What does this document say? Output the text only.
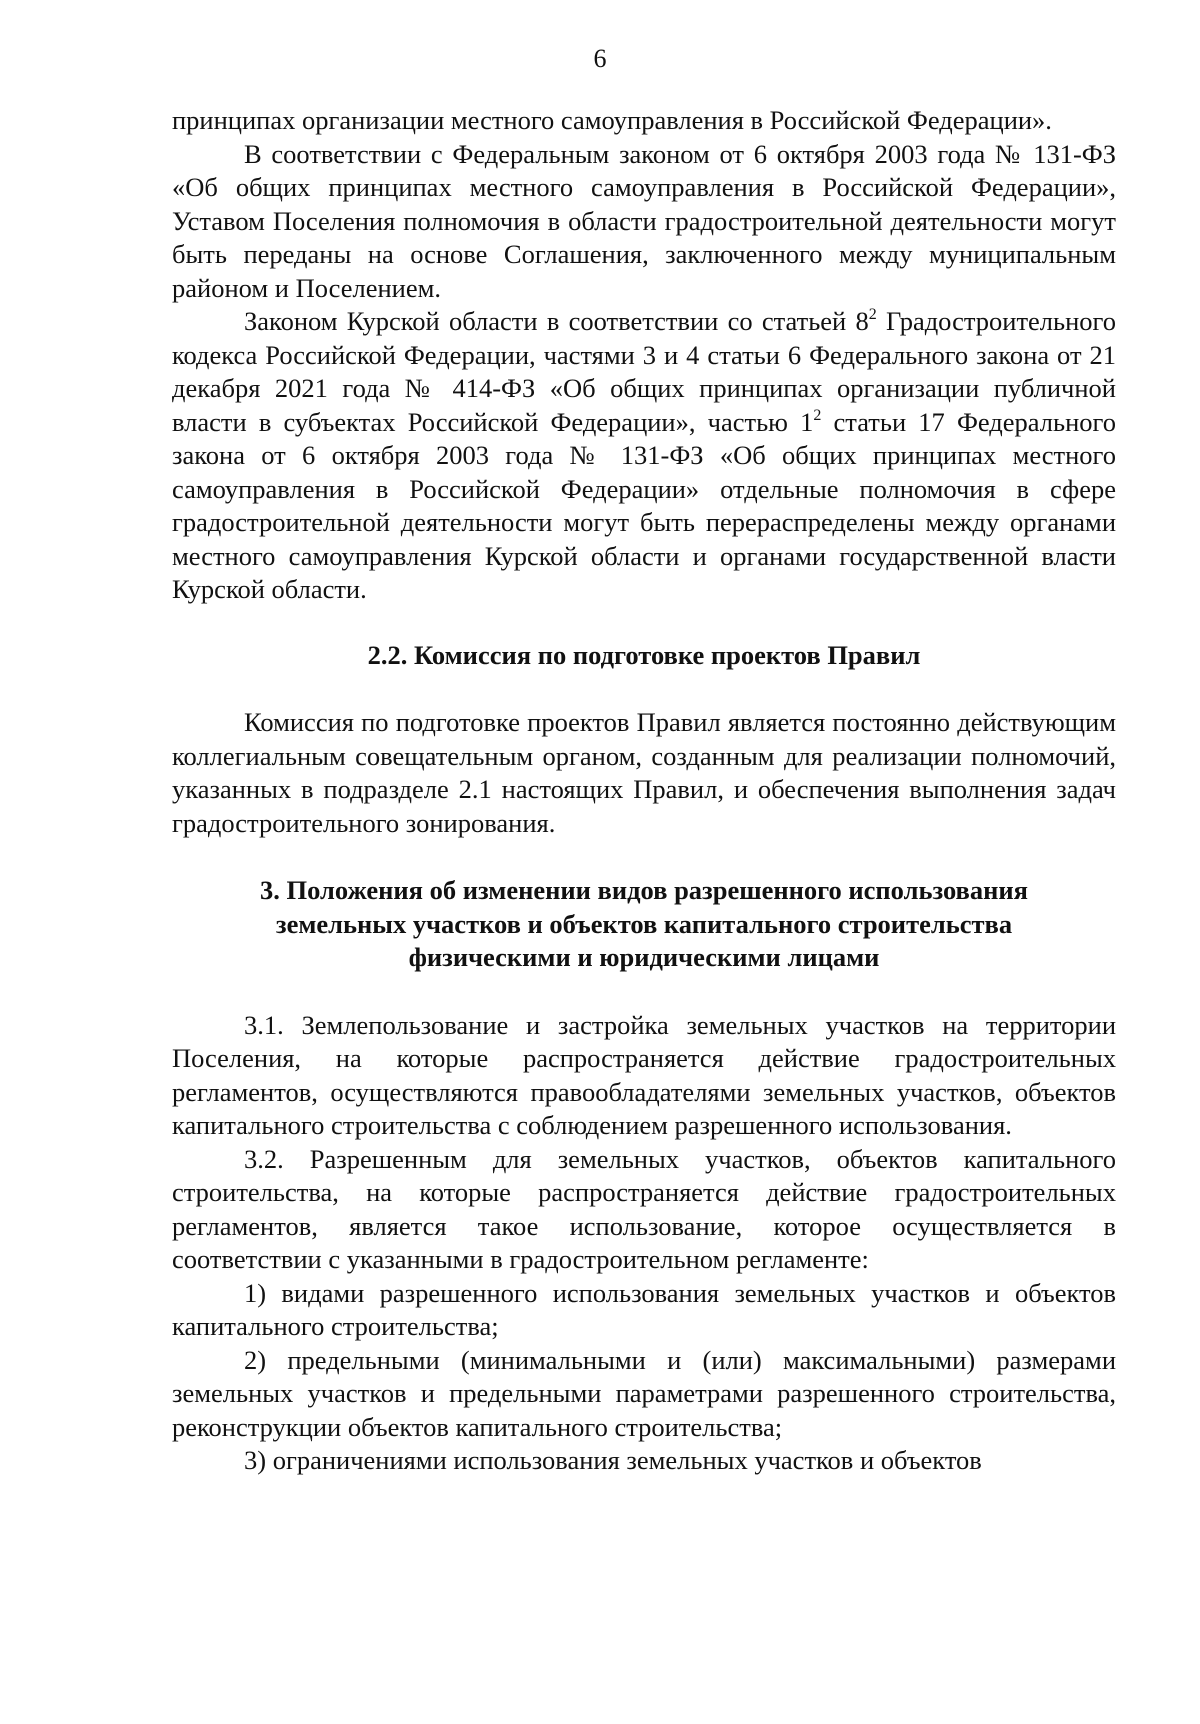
6

принципах организации местного самоуправления в Российской Федерации».

В соответствии с Федеральным законом от 6 октября 2003 года № 131-ФЗ «Об общих принципах местного самоуправления в Российской Федерации», Уставом Поселения полномочия в области градостроительной деятельности могут быть переданы на основе Соглашения, заключенного между муниципальным районом и Поселением.

Законом Курской области в соответствии со статьей $8^2$ Градостроительного кодекса Российской Федерации, частями 3 и 4 статьи 6 Федерального закона от 21 декабря 2021 года № 414-ФЗ «Об общих принципах организации публичной власти в субъектах Российской Федерации», частью $1^2$ статьи 17 Федерального закона от 6 октября 2003 года № 131-ФЗ «Об общих принципах местного самоуправления в Российской Федерации» отдельные полномочия в сфере градостроительной деятельности могут быть перераспределены между органами местного самоуправления Курской области и органами государственной власти Курской области.

2.2. Комиссия по подготовке проектов Правил

Комиссия по подготовке проектов Правил является постоянно действующим коллегиальным совещательным органом, созданным для реализации полномочий, указанных в подразделе 2.1 настоящих Правил, и обеспечения выполнения задач градостроительного зонирования.

3. Положения об изменении видов разрешенного использования

земельных участков и объектов капитального строительства

физическими и юридическими лицами

3.1. Землепользование и застройка земельных участков на территории Поселения, на которые распространяется действие градостроительных регламентов, осуществляются правообладателями земельных участков, объектов капитального строительства с соблюдением разрешенного использования.

3.2. Разрешенным для земельных участков, объектов капитального строительства, на которые распространяется действие градостроительных регламентов, является такое использование, которое осуществляется в соответствии с указанными в градостроительном регламенте:

1) видами разрешенного использования земельных участков и объектов капитального строительства;

2) предельными (минимальными и (или) максимальными) размерами земельных участков и предельными параметрами разрешенного строительства, реконструкции объектов капитального строительства;

3) ограничениями использования земельных участков и объектов
